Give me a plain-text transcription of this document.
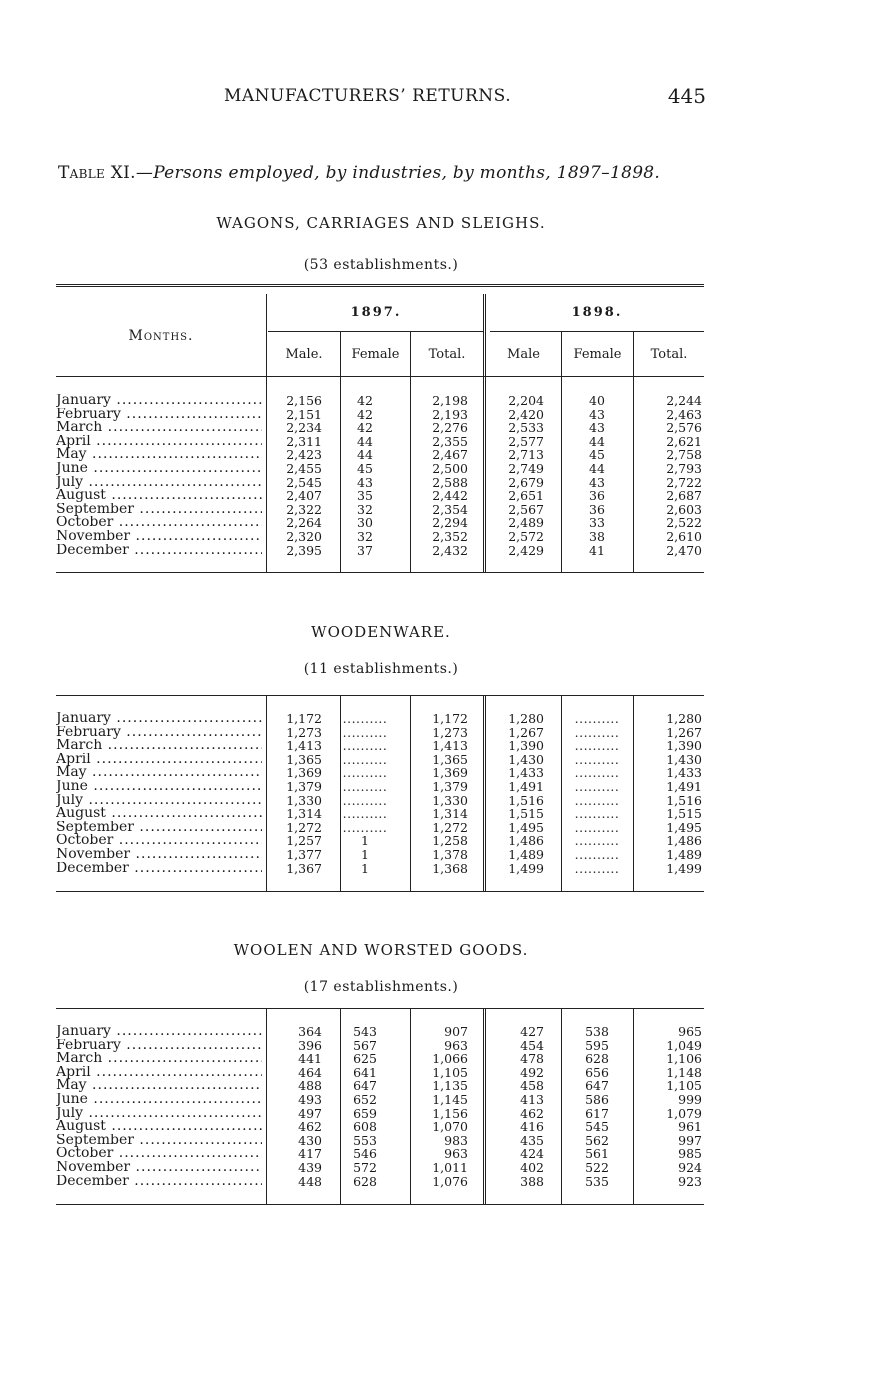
MANUFACTURERS’ RETURNS.	445
Table XI.—Persons employed, by industries, by months, 1897–1898.
WAGONS, CARRIAGES AND SLEIGHS.
(53 establishments.)
Months.
1897.	1898.
Male.	Female	Total.	Male	Female	Total.
January .....	2,156	42	2,198	2,204	40	2,244
February .....	2,151	42	2,193	2,420	43	2,463
March .....	2,234	42	2,276	2,533	43	2,576
April .....	2,311	44	2,355	2,577	44	2,621
May .....	2,423	44	2,467	2,713	45	2,758
June .....	2,455	45	2,500	2,749	44	2,793
July .....	2,545	43	2,588	2,679	43	2,722
August .....	2,407	35	2,442	2,651	36	2,687
September .....	2,322	32	2,354	2,567	36	2,603
October .....	2,264	30	2,294	2,489	33	2,522
November .....	2,320	32	2,352	2,572	38	2,610
December .....	2,395	37	2,432	2,429	41	2,470
WOODENWARE.
(11 establishments.)
January .....	1,172 ..........	1,172	1,280	..........	1,280
February .....	1,273 ..........	1,273	1,267	..........	1,267
March .....	1,413 ..........	1,413	1,390	..........	1,390
April .....	1,365 ..........	1,365	1,430	..........	1,430
May .....	1,369 ..........	1,369	1,433	..........	1,433
June .....	1,379 ..........	1,379	1,491	..........	1,491
July .....	1,330 ..........	1,330	1,516	..........	1,516
August .....	1,314 ..........	1,314	1,515	..........	1,515
September .....	1,272 ..........	1,272	1,495	..........	1,495
October .....	1,257	1	1,258	1,486	..........	1,486
November .....	1,377	1	1,378	1,489	..........	1,489
December .....	1,367	1	1,368	1,499	..........	1,499
WOOLEN AND WORSTED GOODS.
(17 establishments.)
January .....	364	543	907	427	538	965
February .....	396	567	963	454	595	1,049
March .....	441	625	1,066	478	628	1,106
April .....	464	641	1,105	492	656	1,148
May .....	488	647	1,135	458	647	1,105
June .....	493	652	1,145	413	586	999
July .....	497	659	1,156	462	617	1,079
August .....	462	608	1,070	416	545	961
September .....	430	553	983	435	562	997
October .....	417	546	963	424	561	985
November .....	439	572	1,011	402	522	924
December .....	448	628	1,076	388	535	923
